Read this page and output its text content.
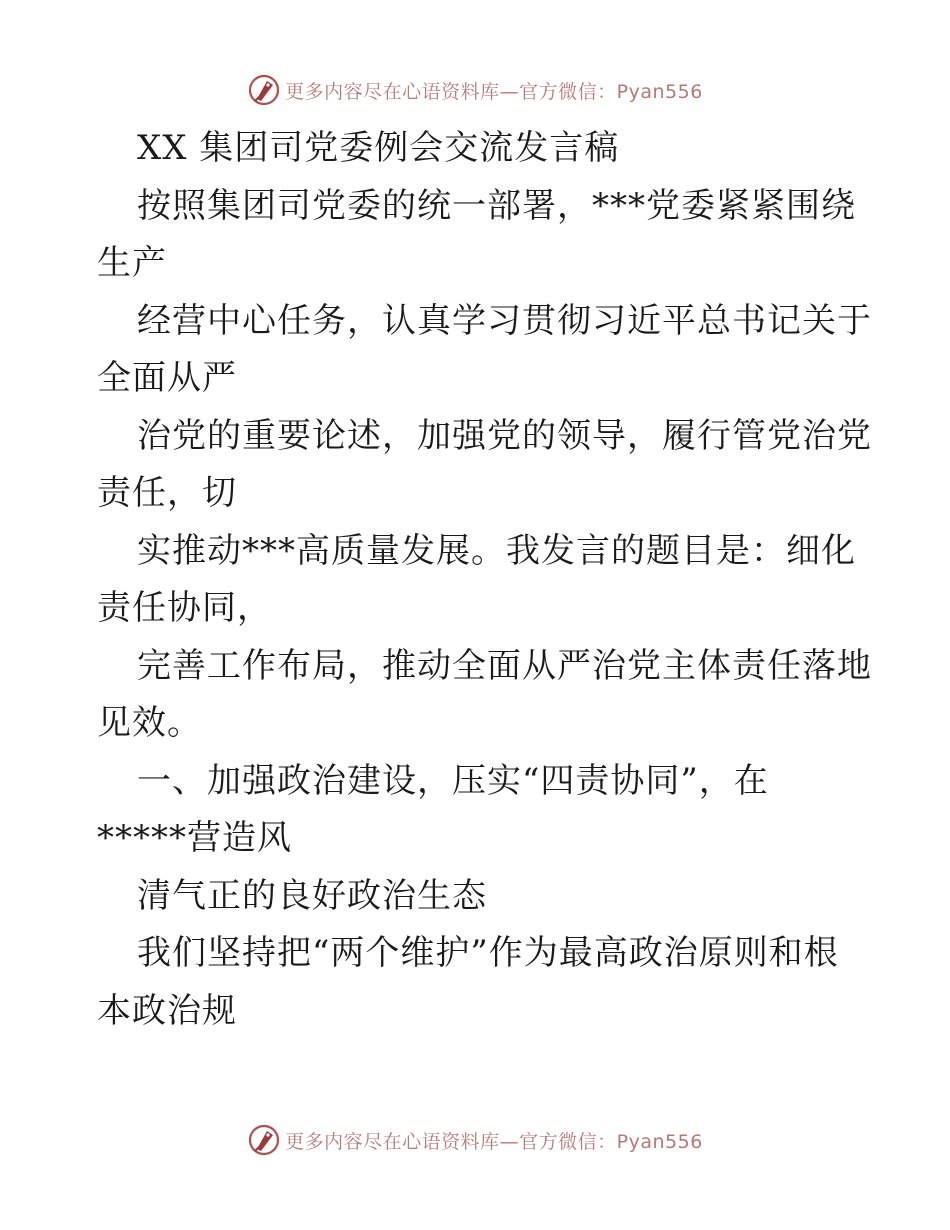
更多内容尽在心语资料库—官方微信：Pyan556
XX 集团司党委例会交流发言稿
按照集团司党委的统一部署，***党委紧紧围绕
生产
经营中心任务，认真学习贯彻习近平总书记关于
全面从严
治党的重要论述，加强党的领导，履行管党治党
责任，切
实推动***高质量发展。我发言的题目是：细化
责任协同，
完善工作布局，推动全面从严治党主体责任落地
见效。
一、加强政治建设，压实“四责协同”，在
*****营造风
清气正的良好政治生态
我们坚持把“两个维护”作为最高政治原则和根
本政治规
更多内容尽在心语资料库—官方微信：Pyan556
